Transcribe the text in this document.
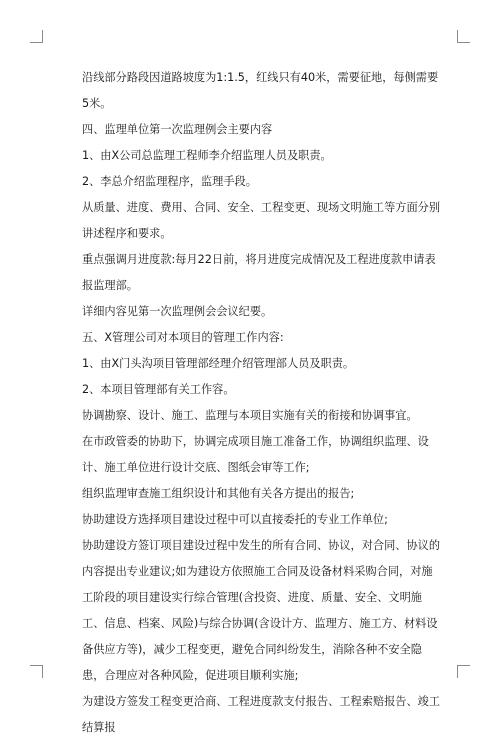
沿线部分路段因道路坡度为1:1.5，红线只有40米，需要征地，每侧需要5米。

四、监理单位第一次监理例会主要内容

1、由X公司总监理工程师李介绍监理人员及职责。

2、李总介绍监理程序，监理手段。

从质量、进度、费用、合同、安全、工程变更、现场文明施工等方面分别讲述程序和要求。

重点强调月进度款:每月22日前，将月进度完成情况及工程进度款申请表报监理部。

详细内容见第一次监理例会会议纪要。

五、X管理公司对本项目的管理工作内容:

1、由X门头沟项目管理部经理介绍管理部人员及职责。

2、本项目管理部有关工作容。

协调勘察、设计、施工、监理与本项目实施有关的衔接和协调事宜。

在市政管委的协助下，协调完成项目施工准备工作，协调组织监理、设计、施工单位进行设计交底、图纸会审等工作;

组织监理审查施工组织设计和其他有关各方提出的报告;

协助建设方选择项目建设过程中可以直接委托的专业工作单位;

协助建设方签订项目建设过程中发生的所有合同、协议，对合同、协议的内容提出专业建议;如为建设方依照施工合同及设备材料采购合同，对施工阶段的项目建设实行综合管理(含投资、进度、质量、安全、文明施工、信息、档案、风险)与综合协调(含设计方、监理方、施工方、材料设备供应方等)，减少工程变更，避免合同纠纷发生，消除各种不安全隐患，合理应对各种风险，促进项目顺利实施;

为建设方签发工程变更洽商、工程进度款支付报告、工程索赔报告、竣工结算报
